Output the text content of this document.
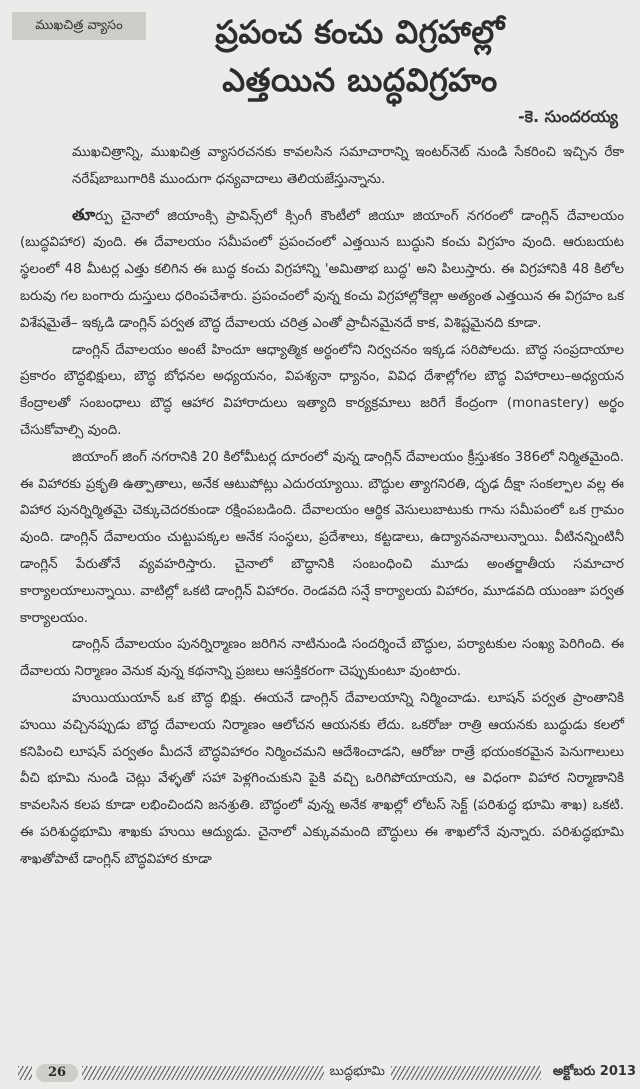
ముఖచిత్ర వ్యాసం	ప్రపంచ కంచు విగ్రహాల్లో
ఎత్తయిన బుద్ధవిగ్రహం
-కె. సుందరయ్య

ముఖచిత్రాన్ని, ముఖచిత్ర వ్యాసరచనకు కావలసిన సమాచారాన్ని ఇంటర్‌నెట్ నుండి సేకరించి ఇచ్చిన రేకా నరేష్‌బాబుగారికి ముందుగా ధన్యవాదాలు తెలియజేస్తున్నాను.

తూర్పు చైనాలో జియాంక్సి ప్రావిన్స్‌లో క్సింగీ కౌంటీలో జియూ జియాంగ్ నగరంలో డాంగ్లిన్ దేవాలయం (బుద్ధవిహార) వుంది. ఈ దేవాలయం సమీపంలో ప్రపంచంలో ఎత్తయిన బుద్ధుని కంచు విగ్రహం వుంది. ఆరుబయట స్థలంలో 48 మీటర్ల ఎత్తు కలిగిన ఈ బుద్ధ కంచు విగ్రహాన్ని 'అమితాభ బుద్ధ' అని పిలుస్తారు. ఈ విగ్రహానికి 48 కిలోల బరువు గల బంగారు దుస్తులు ధరింపచేశారు. ప్రపంచంలో వున్న కంచు విగ్రహాల్లోకెల్లా అత్యంత ఎత్తయిన ఈ విగ్రహం ఒక విశేషమైతే– ఇక్కడి డాంగ్లిన్ పర్వత బౌద్ధ దేవాలయ చరిత్ర ఎంతో ప్రాచీనమైనదే కాక, విశిష్టమైనది కూడా.

డాంగ్లిన్ దేవాలయం అంటే హిందూ ఆధ్యాత్మిక అర్థంలోని నిర్వచనం ఇక్కడ సరిపోలదు. బౌద్ధ సంప్రదాయాల ప్రకారం బౌద్ధభిక్షులు, బౌద్ధ బోధనల అధ్యయనం, విపశ్యనా ధ్యానం, వివిధ దేశాల్లోగల బౌద్ధ విహారాలు–అధ్యయన కేంద్రాలతో సంబంధాలు బౌద్ధ ఆహార విహారాదులు ఇత్యాది కార్యక్రమాలు జరిగే కేంద్రంగా (monastery) అర్థం చేసుకోవాల్సి వుంది.

జియాంగ్ జింగ్ నగరానికి 20 కిలోమీటర్ల దూరంలో వున్న డాంగ్లిన్ దేవాలయం క్రీస్తుశకం 386లో నిర్మితమైంది. ఈ విహారకు ప్రకృతి ఉత్పాతాలు, అనేక ఆటుపోట్లు ఎదురయ్యాయి. బౌద్ధుల త్యాగనిరతి, దృఢ దీక్షా సంకల్పాల వల్ల ఈ విహార పునర్నిర్మితమై చెక్కుచెదరకుండా రక్షింపబడింది. దేవాలయం ఆర్థిక వెసులుబాటుకు గాను సమీపంలో ఒక గ్రామం వుంది. డాంగ్లిన్ దేవాలయం చుట్టుపక్కల అనేక సంస్థలు, ప్రదేశాలు, కట్టడాలు, ఉద్యానవనాలున్నాయి. వీటినన్నింటినీ డాంగ్లిన్ పేరుతోనే వ్యవహరిస్తారు. చైనాలో బౌద్ధానికి సంబంధించి మూడు అంతర్జాతీయ సమాచార కార్యాలయాలున్నాయి. వాటిల్లో ఒకటి డాంగ్లిన్ విహారం. రెండవది సన్షే కార్యాలయ విహారం, మూడవది యుంజూ పర్వత కార్యాలయం.

డాంగ్లిన్ దేవాలయం పునర్నిర్మాణం జరిగిన నాటినుండి సందర్శించే బౌద్ధుల, పర్యాటకుల సంఖ్య పెరిగింది. ఈ దేవాలయ నిర్మాణం వెనుక వున్న కథనాన్ని ప్రజలు ఆసక్తికరంగా చెప్పుకుంటూ వుంటారు.

హుయియుయాన్ ఒక బౌద్ధ భిక్షు. ఈయనే డాంగ్లిన్ దేవాలయాన్ని నిర్మించాడు. లూషన్ పర్వత ప్రాంతానికి హుయి వచ్చినప్పుడు బౌద్ధ దేవాలయ నిర్మాణం ఆలోచన ఆయనకు లేదు. ఒకరోజు రాత్రి ఆయనకు బుద్ధుడు కలలో కనిపించి లూషన్ పర్వతం మీదనే బౌద్ధవిహారం నిర్మించమని ఆదేశించాడని, ఆరోజు రాత్రే భయంకరమైన పెనుగాలులు వీచి భూమి నుండి చెట్లు వేళ్ళతో సహా పెళ్లగించుకుని పైకి వచ్చి ఒరిగిపోయాయని, ఆ విధంగా విహార నిర్మాణానికి కావలసిన కలప కూడా లభించిందని జనశ్రుతి. బౌద్ధంలో వున్న అనేక శాఖల్లో లోటస్ సెక్ట్ (పరిశుద్ధ భూమి శాఖ) ఒకటి. ఈ పరిశుద్ధభూమి శాఖకు హుయి ఆద్యుడు. చైనాలో ఎక్కువమంది బౌద్ధులు ఈ శాఖలోనే వున్నారు. పరిశుద్ధభూమి శాఖతోపాటే డాంగ్లిన్ బౌద్ధవిహార కూడా

26	బుద్ధభూమి	అక్టోబరు 2013
